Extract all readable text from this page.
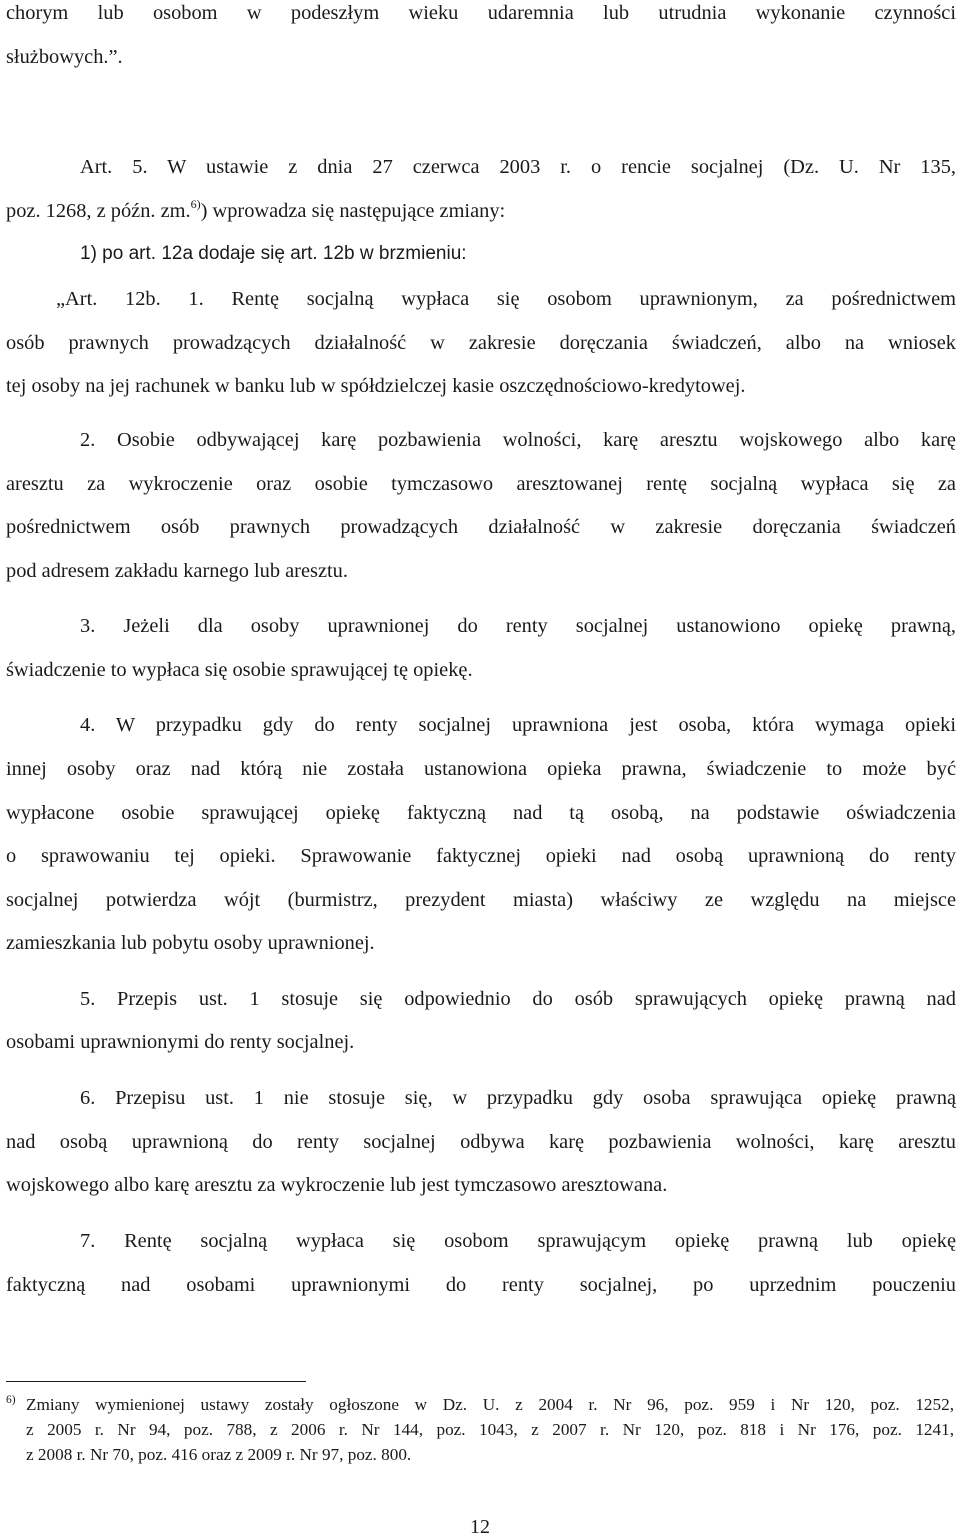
chorym lub osobom w podeszłym wieku udaremnia lub utrudnia wykonanie czynności
służbowych.”.
Art. 5. W ustawie z dnia 27 czerwca 2003 r. o rencie socjalnej (Dz. U. Nr 135,
poz. 1268, z późn. zm.$^{6)}$) wprowadza się następujące zmiany:
1) po art. 12a dodaje się art. 12b w brzmieniu:
„Art. 12b. 1. Rentę socjalną wypłaca się osobom uprawnionym, za pośrednictwem
osób prawnych prowadzących działalność w zakresie doręczania świadczeń, albo na wniosek
tej osoby na jej rachunek w banku lub w spółdzielczej kasie oszczędnościowo-kredytowej.
2. Osobie odbywającej karę pozbawienia wolności, karę aresztu wojskowego albo karę
aresztu za wykroczenie oraz osobie tymczasowo aresztowanej rentę socjalną wypłaca się za
pośrednictwem osób prawnych prowadzących działalność w zakresie doręczania świadczeń
pod adresem zakładu karnego lub aresztu.
3. Jeżeli dla osoby uprawnionej do renty socjalnej ustanowiono opiekę prawną,
świadczenie to wypłaca się osobie sprawującej tę opiekę.
4. W przypadku gdy do renty socjalnej uprawniona jest osoba, która wymaga opieki
innej osoby oraz nad którą nie została ustanowiona opieka prawna, świadczenie to może być
wypłacone osobie sprawującej opiekę faktyczną nad tą osobą, na podstawie oświadczenia
o sprawowaniu tej opieki. Sprawowanie faktycznej opieki nad osobą uprawnioną do renty
socjalnej potwierdza wójt (burmistrz, prezydent miasta) właściwy ze względu na miejsce
zamieszkania lub pobytu osoby uprawnionej.
5. Przepis ust. 1 stosuje się odpowiednio do osób sprawujących opiekę prawną nad
osobami uprawnionymi do renty socjalnej.
6. Przepisu ust. 1 nie stosuje się, w przypadku gdy osoba sprawująca opiekę prawną
nad osobą uprawnioną do renty socjalnej odbywa karę pozbawienia wolności, karę aresztu
wojskowego albo karę aresztu za wykroczenie lub jest tymczasowo aresztowana.
7. Rentę socjalną wypłaca się osobom sprawującym opiekę prawną lub opiekę
faktyczną nad osobami uprawnionymi do renty socjalnej, po uprzednim pouczeniu
6) Zmiany wymienionej ustawy zostały ogłoszone w Dz. U. z 2004 r. Nr 96, poz. 959 i Nr 120, poz. 1252,
z 2005 r. Nr 94, poz. 788, z 2006 r. Nr 144, poz. 1043, z 2007 r. Nr 120, poz. 818 i Nr 176, poz. 1241,
z 2008 r. Nr 70, poz. 416 oraz z 2009 r. Nr 97, poz. 800.
12
